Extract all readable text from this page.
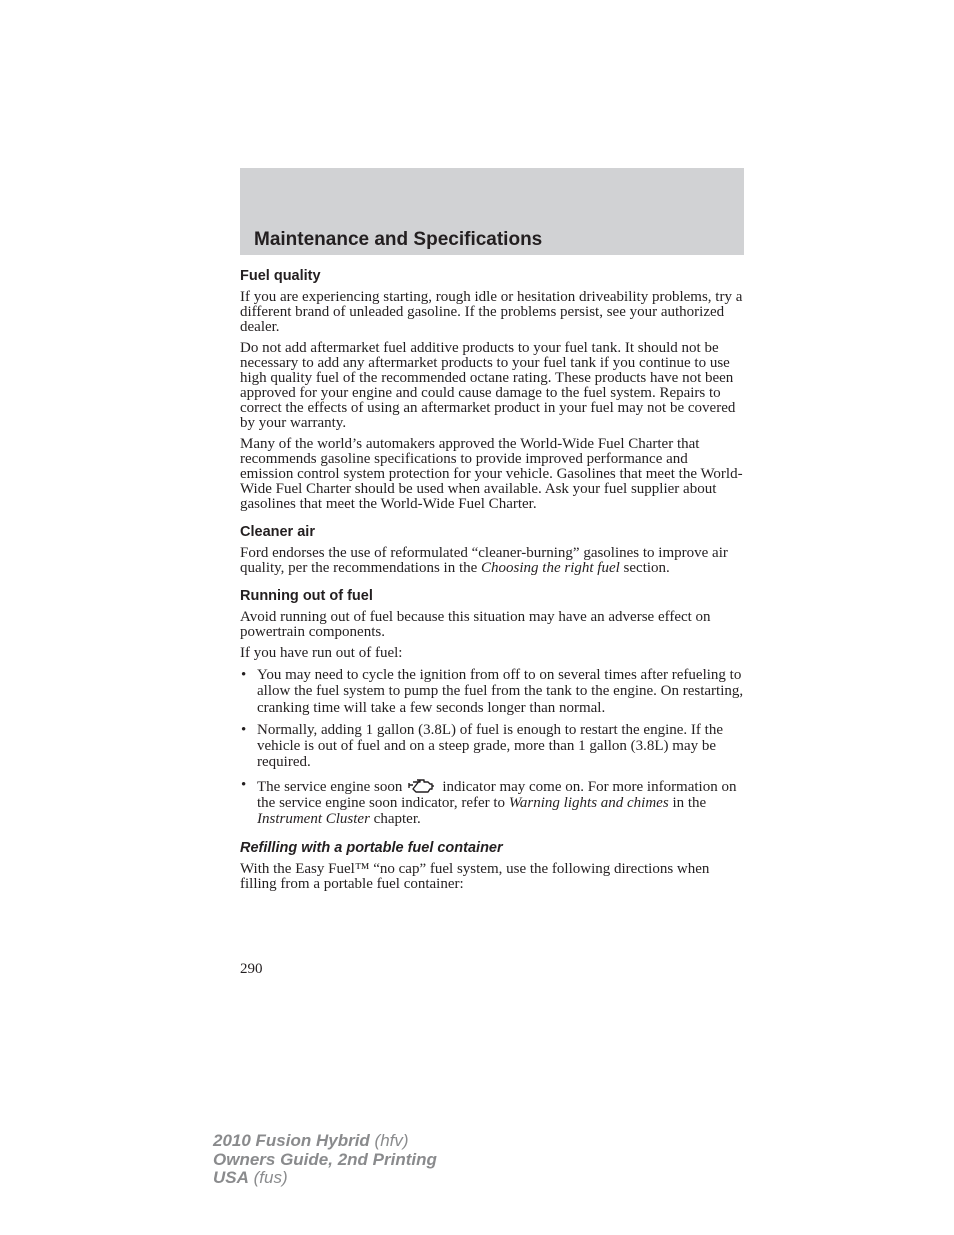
Maintenance and Specifications
Fuel quality

If you are experiencing starting, rough idle or hesitation driveability problems, try a different brand of unleaded gasoline. If the problems persist, see your authorized dealer.

Do not add aftermarket fuel additive products to your fuel tank. It should not be necessary to add any aftermarket products to your fuel tank if you continue to use high quality fuel of the recommended octane rating. These products have not been approved for your engine and could cause damage to the fuel system. Repairs to correct the effects of using an aftermarket product in your fuel may not be covered by your warranty.

Many of the world’s automakers approved the World-Wide Fuel Charter that recommends gasoline specifications to provide improved performance and emission control system protection for your vehicle. Gasolines that meet the World-Wide Fuel Charter should be used when available. Ask your fuel supplier about gasolines that meet the World-Wide Fuel Charter.

Cleaner air

Ford endorses the use of reformulated “cleaner-burning” gasolines to improve air quality, per the recommendations in the Choosing the right fuel section.

Running out of fuel

Avoid running out of fuel because this situation may have an adverse effect on powertrain components.

If you have run out of fuel:

• You may need to cycle the ignition from off to on several times after refueling to allow the fuel system to pump the fuel from the tank to the engine. On restarting, cranking time will take a few seconds longer than normal.
• Normally, adding 1 gallon (3.8L) of fuel is enough to restart the engine. If the vehicle is out of fuel and on a steep grade, more than 1 gallon (3.8L) may be required.
• The service engine soon	indicator may come on. For more information on the service engine soon indicator, refer to Warning lights and chimes in the Instrument Cluster chapter.
Refilling with a portable fuel container

With the Easy Fuel™ “no cap” fuel system, use the following directions when filling from a portable fuel container:

290
2010 Fusion Hybrid (hfv)
Owners Guide, 2nd Printing
USA (fus)
